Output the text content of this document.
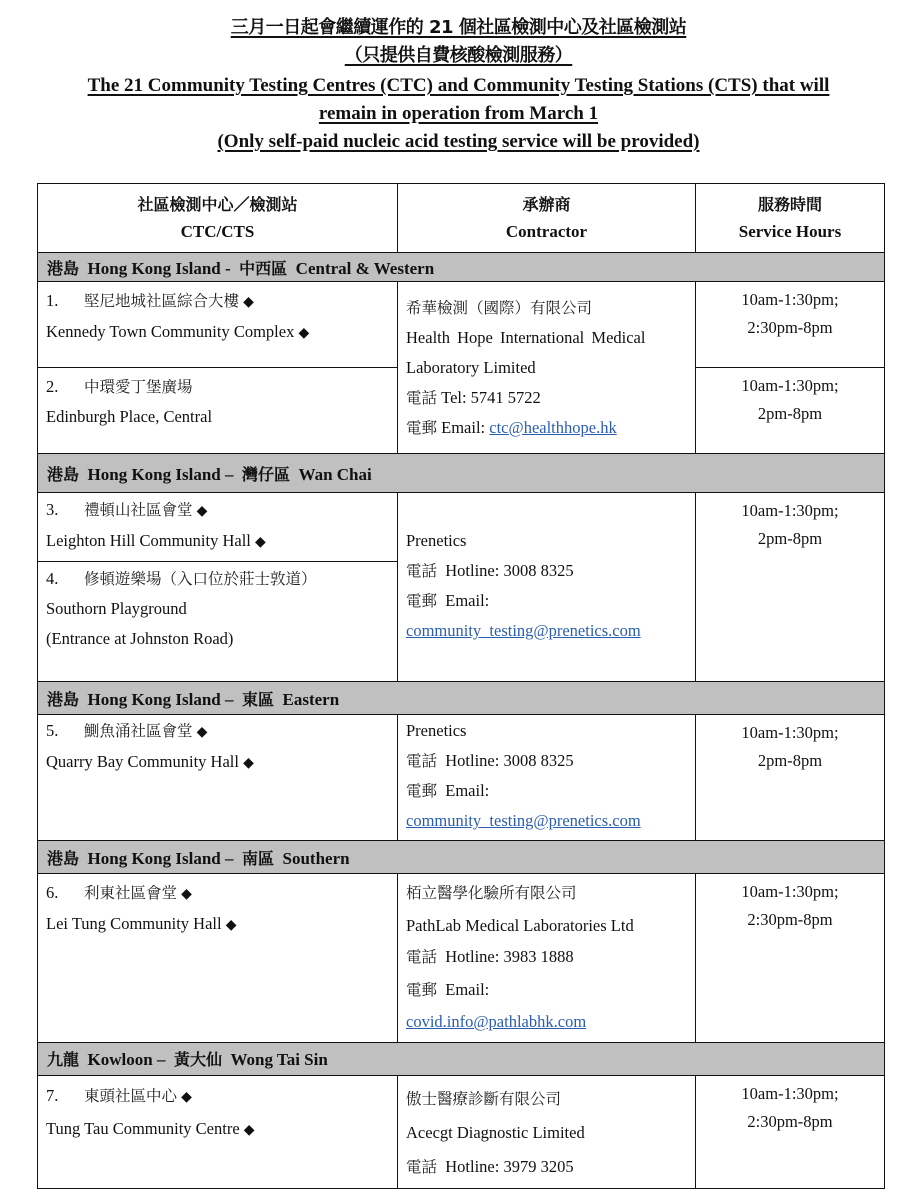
三月一日起會繼續運作的 21 個社區檢測中心及社區檢測站
（只提供自費核酸檢測服務）
The 21 Community Testing Centres (CTC) and Community Testing Stations (CTS) that will
remain in operation from March 1
(Only self-paid nucleic acid testing service will be provided)
社區檢測中心／檢測站
CTC/CTS

承辦商
Contractor

服務時間
Service Hours

港島 Hong Kong Island - 中西區 Central & Western		

1. 堅尼地城社區綜合大樓 ◆
Kennedy Town Community Complex ◆

希華檢測（國際）有限公司
Health Hope International Medical
Laboratory Limited
電話 Tel: 5741 5722
電郵 Email: ctc@healthhope.hk

10am-1:30pm;
2:30pm-8pm

2. 中環愛丁堡廣場
Edinburgh Place, Central

10am-1:30pm;
2pm-8pm

港島 Hong Kong Island – 灣仔區 Wan Chai		

3. 禮頓山社區會堂 ◆
Leighton Hill Community Hall ◆	Prenetics
電話 Hotline: 3008 8325
電郵 Email:
community_testing@prenetics.com

10am-1:30pm;
2pm-8pm

4. 修頓遊樂場（入口位於莊士敦道）
Southorn Playground
(Entrance at Johnston Road)		

港島 Hong Kong Island – 東區 Eastern		

5. 鰂魚涌社區會堂 ◆
Quarry Bay Community Hall ◆

Prenetics
電話 Hotline: 3008 8325
電郵 Email:
community_testing@prenetics.com

10am-1:30pm;
2pm-8pm

港島 Hong Kong Island – 南區 Southern		

6. 利東社區會堂 ◆
Lei Tung Community Hall ◆

栢立醫學化驗所有限公司
PathLab Medical Laboratories Ltd
電話 Hotline: 3983 1888
電郵 Email:
covid.info@pathlabhk.com

10am-1:30pm;
2:30pm-8pm

九龍 Kowloon – 黃大仙 Wong Tai Sin		

7. 東頭社區中心 ◆
Tung Tau Community Centre ◆

傲士醫療診斷有限公司
Acecgt Diagnostic Limited
電話 Hotline: 3979 3205

10am-1:30pm;
2:30pm-8pm
